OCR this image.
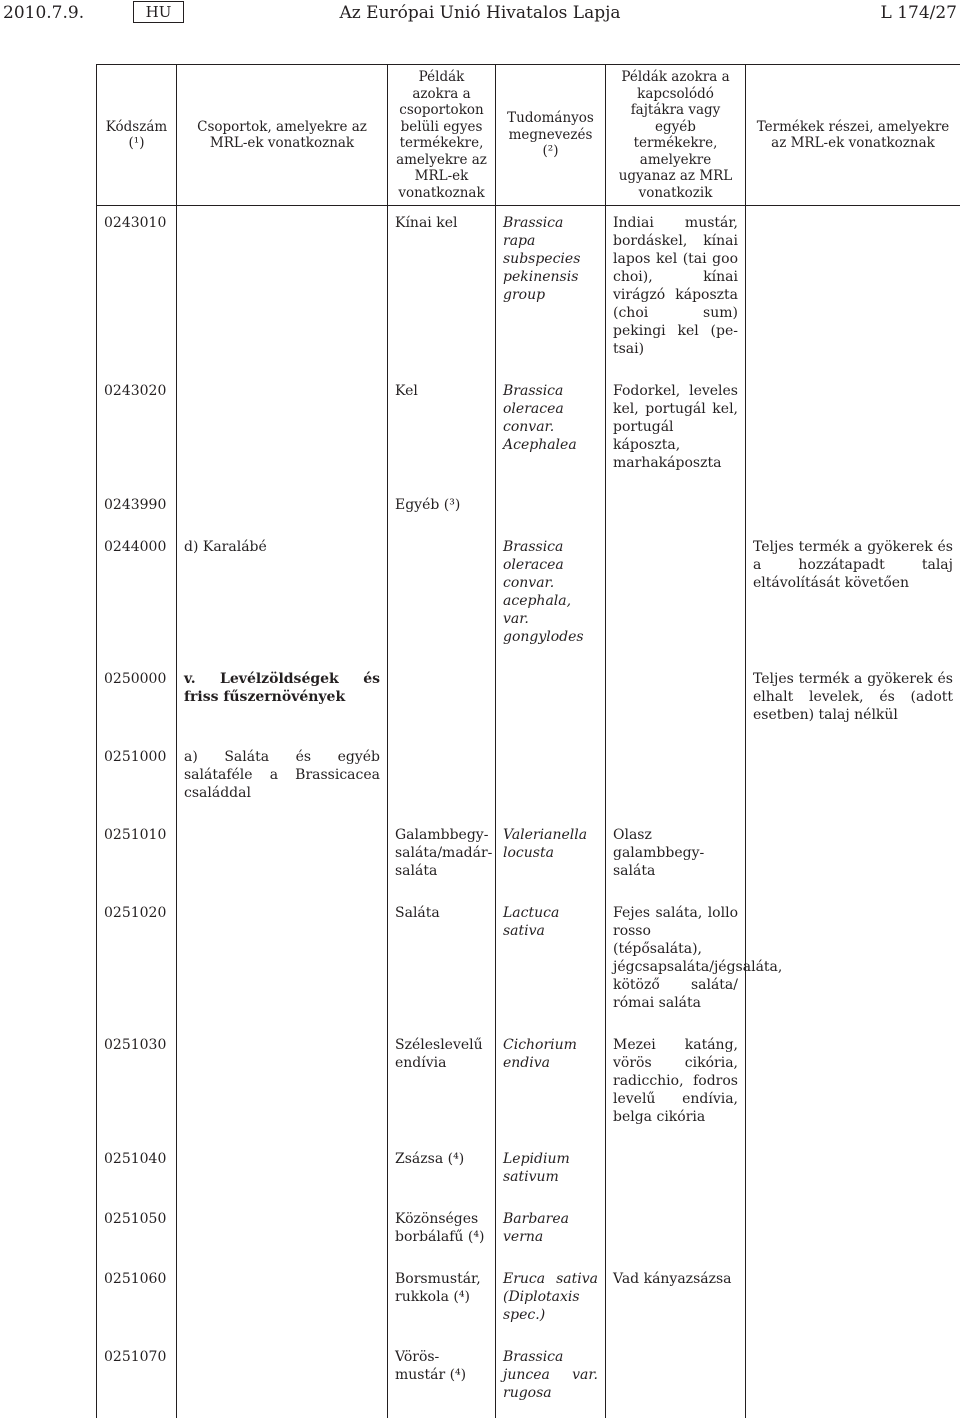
2010.7.9.	HU	Az Európai Unió Hivatalos Lapja	L 174/27
Kódszám (¹)	Csoportok, amelyekre az MRL-ek vonatkoznak	Példák azokra a csoportokon belüli egyes termékekre, amelyekre az MRL-ek vonatkoznak	Tudományos megnevezés (²)	Példák azokra a kapcsolódó fajtákra vagy egyéb termékekre, amelyekre ugyanaz az MRL vonatkozik	Termékek részei, amelyekre az MRL-ek vonatkoznak
0243010		Kínai kel	Brassica rapa subspecies pekinensis group	Indiai mustár, bordáskel, kínai lapos kel (tai goo choi), kínai virágzó káposzta (choi sum) pekingi kel (pe-tsai)	
0243020		Kel	Brassica oleracea convar. Acephalea	Fodorkel, leveles kel, portugál kel, portugál káposzta, marhakáposzta	
0243990		Egyéb (³)			
0244000	d) Karalábé		Brassica oleracea convar. acephala, var. gongylodes		Teljes termék a gyökerek és a hozzátapadt talaj eltávolítását követően
0250000	v. Levélzöldségek és friss fűszernövények				Teljes termék a gyökerek és elhalt levelek, és (adott esetben) talaj nélkül
0251000	a) Saláta és egyéb salátaféle a Brassicacea családdal				
0251010		Galambbegy-saláta/madár-saláta	Valerianella locusta	Olasz galambbegy-saláta	
0251020		Saláta	Lactuca sativa	Fejes saláta, lollo rosso (tépősaláta), jégcsapsaláta/jégsaláta, kötöző saláta/ római saláta	
0251030		Széleslevelű endívia	Cichorium endiva	Mezei katáng, vörös cikória, radicchio, fodros levelű endívia, belga cikória	
0251040		Zsázsa (⁴)	Lepidium sativum		
0251050		Közönséges borbálafű (⁴)	Barbarea verna		
0251060		Borsmustár, rukkola (⁴)	Eruca sativa (Diplotaxis spec.)	Vad kányazsázsa	
0251070		Vörös-mustár (⁴)	Brassica juncea var. rugosa		
